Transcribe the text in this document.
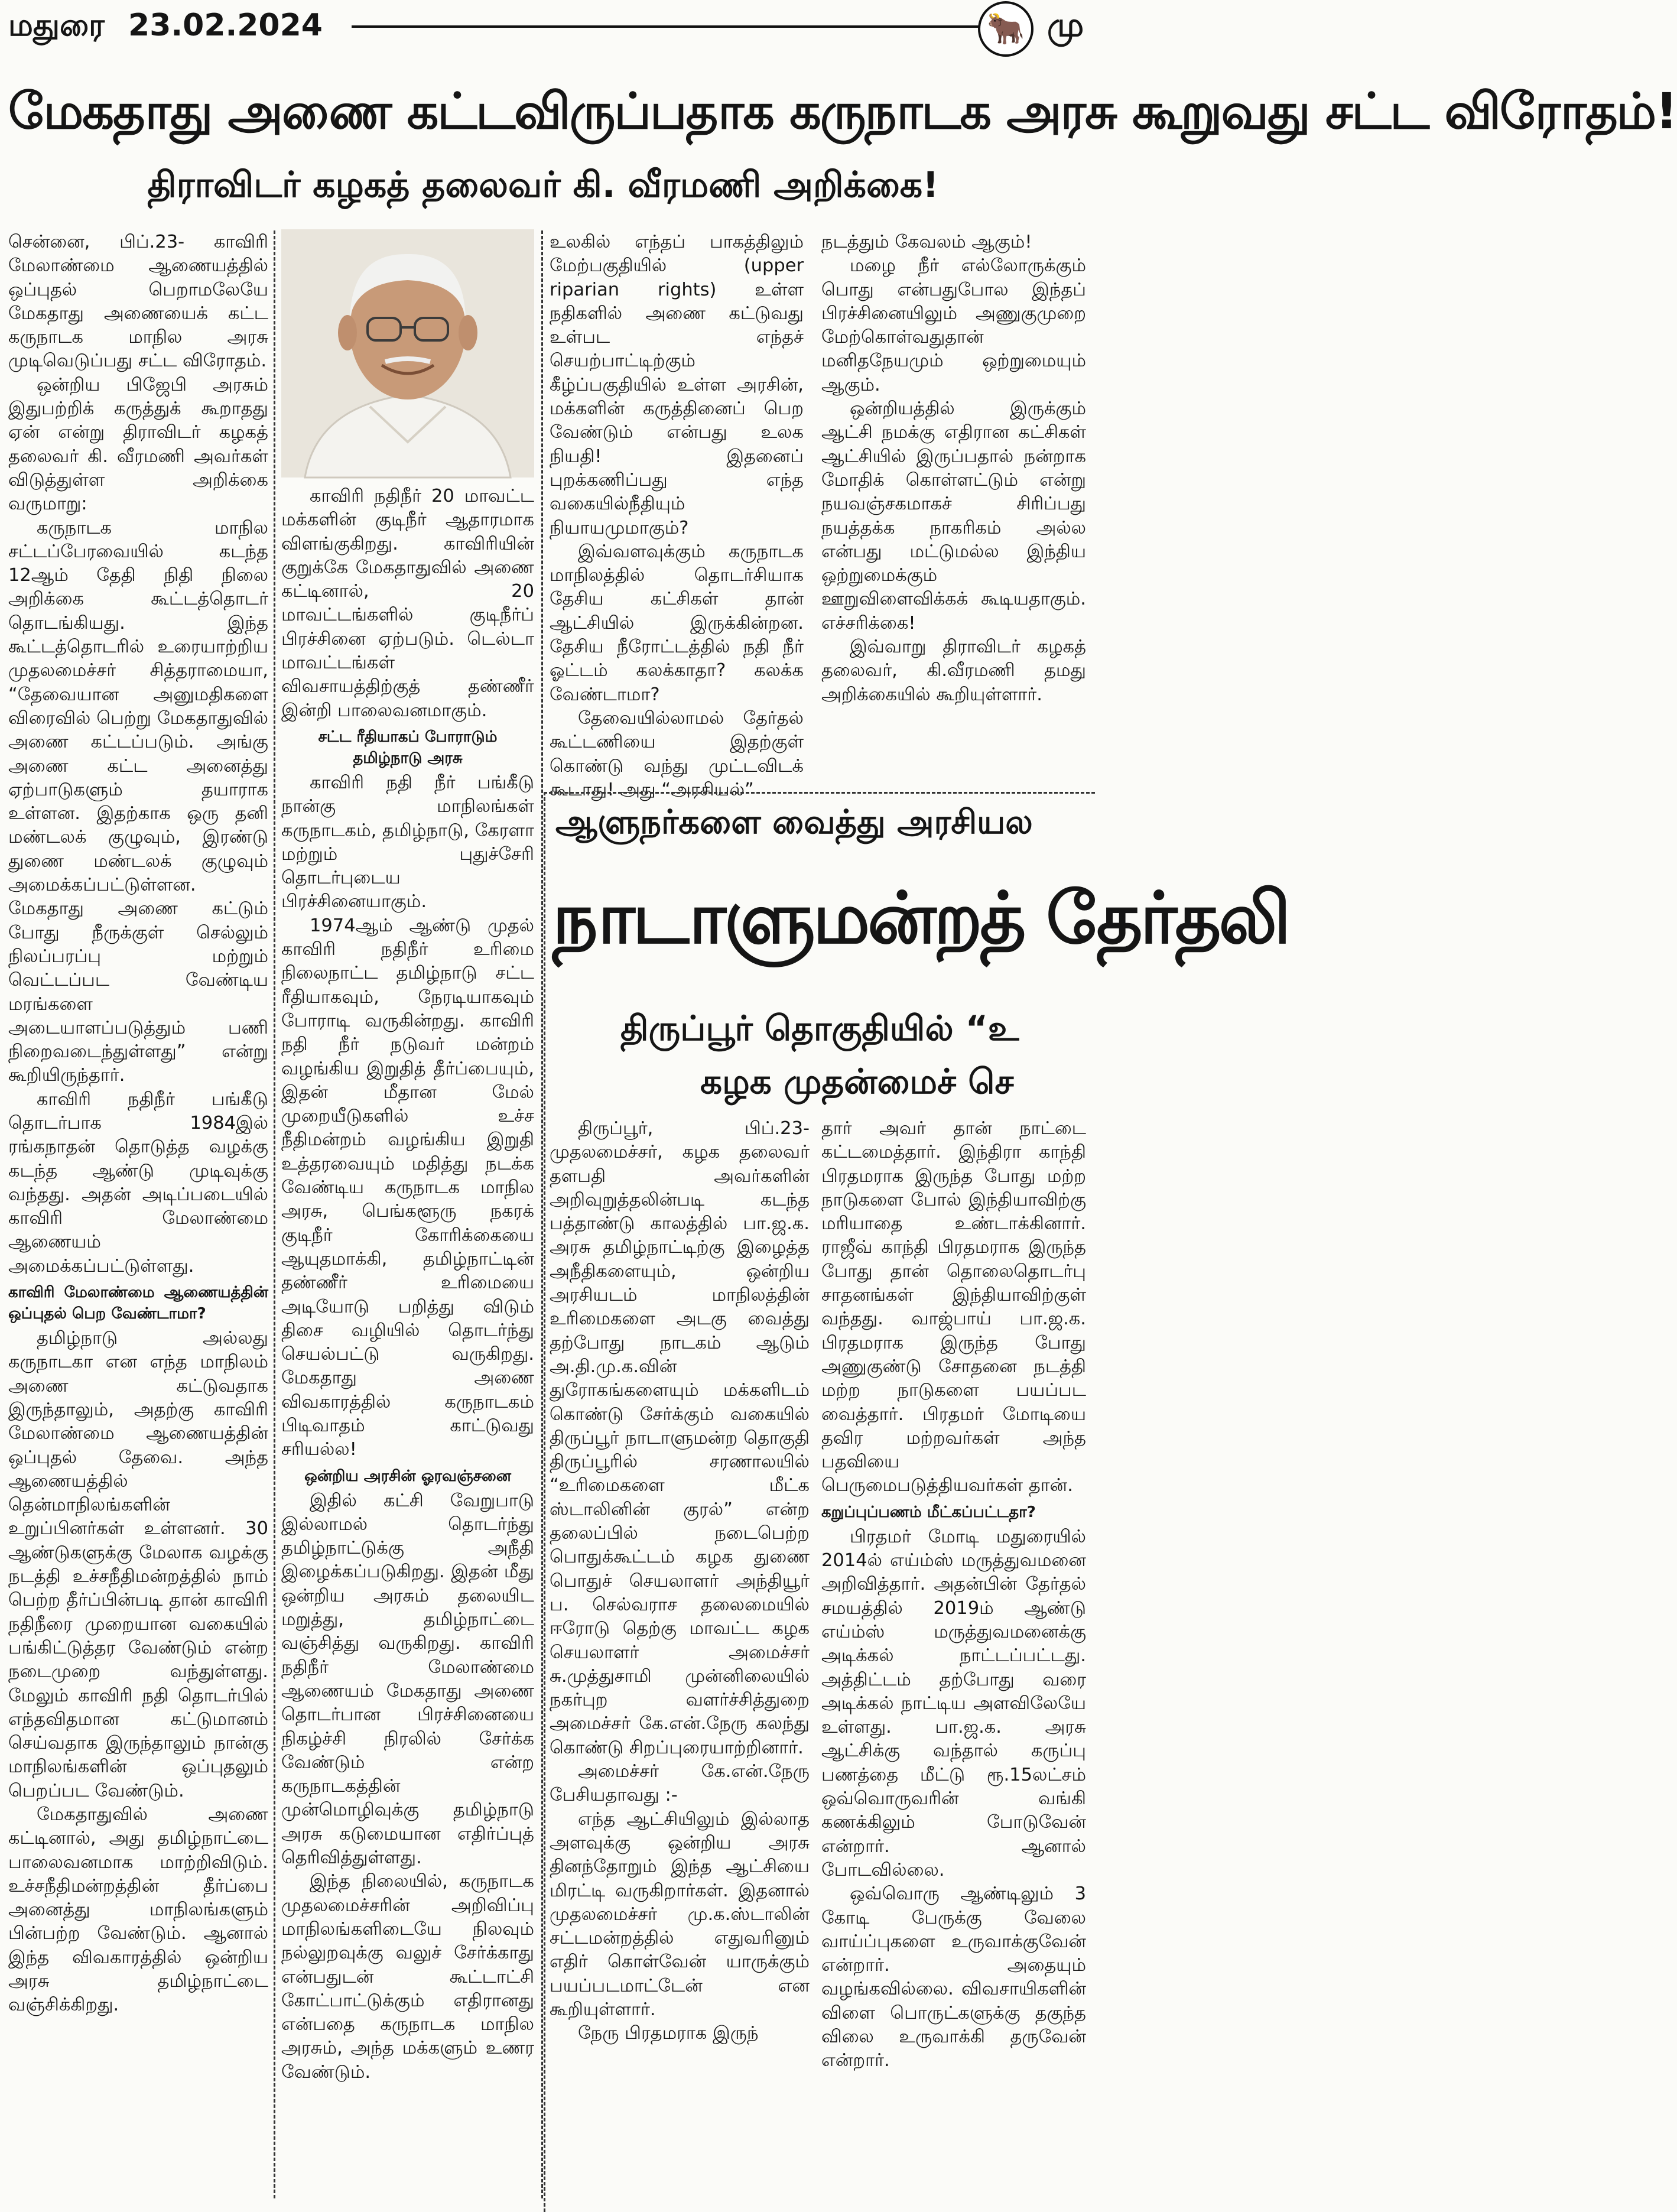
மதுரை 23.02.2024	🐂 மு
மேகதாது அணை கட்டவிருப்பதாக கருநாடக அரசு கூறுவது சட்ட விரோதம்!
திராவிடர் கழகத் தலைவர் கி. வீரமணி அறிக்கை!

சென்னை, பிப்.23- காவிரி மேலாண்மை ஆணையத்தில் ஒப்புதல் பெறாமலேயே மேகதாது அணையைக் கட்ட கருநாடக மாநில அரசு முடிவெடுப்பது சட்ட விரோதம்.

ஒன்றிய பிஜேபி அரசும் இதுபற்றிக் கருத்துக் கூறாதது ஏன் என்று திராவிடர் கழகத் தலைவர் கி. வீரமணி அவர்கள் விடுத்துள்ள அறிக்கை வருமாறு:

கருநாடக மாநில சட்டப்பேரவையில் கடந்த 12ஆம் தேதி நிதி நிலை அறிக்கை கூட்டத்தொடர் தொடங்கியது. இந்த கூட்டத்தொடரில் உரையாற்றிய முதலமைச்சர் சித்தராமையா, “தேவையான அனுமதிகளை விரைவில் பெற்று மேகதாதுவில் அணை கட்டப்படும். அங்கு அணை கட்ட அனைத்து ஏற்பாடுகளும் தயாராக உள்ளன. இதற்காக ஒரு தனி மண்டலக் குழுவும், இரண்டு துணை மண்டலக் குழுவும் அமைக்கப்பட்டுள்ளன. மேகதாது அணை கட்டும் போது நீருக்குள் செல்லும் நிலப்பரப்பு மற்றும் வெட்டப்பட வேண்டிய மரங்களை அடையாளப்படுத்தும் பணி நிறைவடைந்துள்ளது” என்று கூறியிருந்தார்.

காவிரி நதிநீர் பங்கீடு தொடர்பாக 1984இல் ரங்கநாதன் தொடுத்த வழக்கு கடந்த ஆண்டு முடிவுக்கு வந்தது. அதன் அடிப்படையில் காவிரி மேலாண்மை ஆணையம் அமைக்கப்பட்டுள்ளது.

காவிரி மேலாண்மை ஆணையத்தின் ஒப்புதல் பெற வேண்டாமா?

தமிழ்நாடு அல்லது கருநாடகா என எந்த மாநிலம் அணை கட்டுவதாக இருந்தாலும், அதற்கு காவிரி மேலாண்மை ஆணையத்தின் ஒப்புதல் தேவை. அந்த ஆணையத்தில் தென்மாநிலங்களின் உறுப்பினர்கள் உள்ளனர். 30 ஆண்டுகளுக்கு மேலாக வழக்கு நடத்தி உச்சநீதிமன்றத்தில் நாம் பெற்ற தீர்ப்பின்படி தான் காவிரி நதிநீரை முறையான வகையில் பங்கிட்டுத்தர வேண்டும் என்ற நடைமுறை வந்துள்ளது. மேலும் காவிரி நதி தொடர்பில் எந்தவிதமான கட்டுமானம் செய்வதாக இருந்தாலும் நான்கு மாநிலங்களின் ஒப்புதலும் பெறப்பட வேண்டும்.

மேகதாதுவில் அணை கட்டினால், அது தமிழ்நாட்டை பாலைவனமாக மாற்றிவிடும். உச்சநீதிமன்றத்தின் தீர்ப்பை அனைத்து மாநிலங்களும் பின்பற்ற வேண்டும். ஆனால் இந்த விவகாரத்தில் ஒன்றிய அரசு தமிழ்நாட்டை வஞ்சிக்கிறது.

காவிரி நதிநீர் 20 மாவட்ட மக்களின் குடிநீர் ஆதாரமாக விளங்குகிறது. காவிரியின் குறுக்கே மேகதாதுவில் அணை கட்டினால், 20 மாவட்டங்களில் குடிநீர்ப் பிரச்சினை ஏற்படும். டெல்டா மாவட்டங்கள் விவசாயத்திற்குத் தண்ணீர் இன்றி பாலைவனமாகும்.

சட்ட ரீதியாகப் போராடும் தமிழ்நாடு அரசு

காவிரி நதி நீர் பங்கீடு நான்கு மாநிலங்கள் கருநாடகம், தமிழ்நாடு, கேரளா மற்றும் புதுச்சேரி தொடர்புடைய பிரச்சினையாகும்.

1974ஆம் ஆண்டு முதல் காவிரி நதிநீர் உரிமை நிலைநாட்ட தமிழ்நாடு சட்ட ரீதியாகவும், நேரடியாகவும் போராடி வருகின்றது. காவிரி நதி நீர் நடுவர் மன்றம் வழங்கிய இறுதித் தீர்ப்பையும், இதன் மீதான மேல் முறையீடுகளில் உச்ச நீதிமன்றம் வழங்கிய இறுதி உத்தரவையும் மதித்து நடக்க வேண்டிய கருநாடக மாநில அரசு, பெங்களூரு நகரக் குடிநீர் கோரிக்கையை ஆயுதமாக்கி, தமிழ்நாட்டின் தண்ணீர் உரிமையை அடியோடு பறித்து விடும் திசை வழியில் தொடர்ந்து செயல்பட்டு வருகிறது. மேகதாது அணை விவகாரத்தில் கருநாடகம் பிடிவாதம் காட்டுவது சரியல்ல!

ஒன்றிய அரசின் ஓரவஞ்சனை

இதில் கட்சி வேறுபாடு இல்லாமல் தொடர்ந்து தமிழ்நாட்டுக்கு அநீதி இழைக்கப்படுகிறது. இதன் மீது ஒன்றிய அரசும் தலையிட மறுத்து, தமிழ்நாட்டை வஞ்சித்து வருகிறது. காவிரி நதிநீர் மேலாண்மை ஆணையம் மேகதாது அணை தொடர்பான பிரச்சினையை நிகழ்ச்சி நிரலில் சேர்க்க வேண்டும் என்ற கருநாடகத்தின் முன்மொழிவுக்கு தமிழ்நாடு அரசு கடுமையான எதிர்ப்புத் தெரிவித்துள்ளது.

இந்த நிலையில், கருநாடக முதலமைச்சரின் அறிவிப்பு மாநிலங்களிடையே நிலவும் நல்லுறவுக்கு வலுச் சேர்க்காது என்பதுடன் கூட்டாட்சி கோட்பாட்டுக்கும் எதிரானது என்பதை கருநாடக மாநில அரசும், அந்த மக்களும் உணர வேண்டும்.

உலகில் எந்தப் பாகத்திலும் மேற்பகுதியில் (upper riparian rights) உள்ள நதிகளில் அணை கட்டுவது உள்பட எந்தச் செயற்பாட்டிற்கும் கீழ்ப்பகுதியில் உள்ள அரசின், மக்களின் கருத்தினைப் பெற வேண்டும் என்பது உலக நியதி! இதனைப் புறக்கணிப்பது எந்த வகையில்நீதியும் நியாயமுமாகும்?

இவ்வளவுக்கும் கருநாடக மாநிலத்தில் தொடர்சியாக தேசிய கட்சிகள் தான் ஆட்சியில் இருக்கின்றன. தேசிய நீரோட்டத்தில் நதி நீர் ஓட்டம் கலக்காதா? கலக்க வேண்டாமா?

தேவையில்லாமல் தேர்தல் கூட்டணியை இதற்குள் கொண்டு வந்து முட்டவிடக் கூடாது! அது “அரசியல்”

நடத்தும் கேவலம் ஆகும்!

மழை நீர் எல்லோருக்கும் பொது என்பதுபோல இந்தப் பிரச்சினையிலும் அணுகுமுறை மேற்கொள்வதுதான் மனிதநேயமும் ஒற்றுமையும் ஆகும்.

ஒன்றியத்தில் இருக்கும் ஆட்சி நமக்கு எதிரான கட்சிகள் ஆட்சியில் இருப்பதால் நன்றாக மோதிக் கொள்ளட்டும் என்று நயவஞ்சகமாகச் சிரிப்பது நயத்தக்க நாகரிகம் அல்ல என்பது மட்டுமல்ல இந்திய ஒற்றுமைக்கும் ஊறுவிளைவிக்கக் கூடியதாகும். எச்சரிக்கை!

இவ்வாறு திராவிடர் கழகத் தலைவர், கி.வீரமணி தமது அறிக்கையில் கூறியுள்ளார்.

ஆளுநர்களை வைத்து அரசியல
நாடாளுமன்றத் தேர்தலி
திருப்பூர் தொகுதியில் “உ
கழக முதன்மைச் செ

திருப்பூர், பிப்.23- முதலமைச்சர், கழக தலைவர் தளபதி அவர்களின் அறிவுறுத்தலின்படி கடந்த பத்தாண்டு காலத்தில் பா.ஜ.க. அரசு தமிழ்நாட்டிற்கு இழைத்த அநீதிகளையும், ஒன்றிய அரசியடம் மாநிலத்தின் உரிமைகளை அடகு வைத்து தற்போது நாடகம் ஆடும் அ.தி.மு.க.வின் துரோகங்களையும் மக்களிடம் கொண்டு சேர்க்கும் வகையில் திருப்பூர் நாடாளுமன்ற தொகுதி திருப்பூரில் சரணாலயில் “உரிமைகளை மீட்க ஸ்டாலினின் குரல்” என்ற தலைப்பில் நடைபெற்ற பொதுக்கூட்டம் கழக துணை பொதுச் செயலாளர் அந்தியூர் ப. செல்வராச தலைமையில் ஈரோடு தெற்கு மாவட்ட கழக செயலாளர் அமைச்சர் சு.முத்துசாமி முன்னிலையில் நகர்புற வளர்ச்சித்துறை அமைச்சர் கே.என்.நேரு கலந்து கொண்டு சிறப்புரையாற்றினார்.

அமைச்சர் கே.என்.நேரு பேசியதாவது :-

எந்த ஆட்சியிலும் இல்லாத அளவுக்கு ஒன்றிய அரசு தினந்தோறும் இந்த ஆட்சியை மிரட்டி வருகிறார்கள். இதனால் முதலமைச்சர் மு.க.ஸ்டாலின் சட்டமன்றத்தில் எதுவரினும் எதிர் கொள்வேன் யாருக்கும் பயப்படமாட்டேன் என கூறியுள்ளார்.

நேரு பிரதமராக இருந்

தார் அவர் தான் நாட்டை கட்டமைத்தார். இந்திரா காந்தி பிரதமராக இருந்த போது மற்ற நாடுகளை போல் இந்தியாவிற்கு மரியாதை உண்டாக்கினார். ராஜீவ் காந்தி பிரதமராக இருந்த போது தான் தொலைதொடர்பு சாதனங்கள் இந்தியாவிற்குள் வந்தது. வாஜ்பாய் பா.ஜ.க. பிரதமராக இருந்த போது அணுகுண்டு சோதனை நடத்தி மற்ற நாடுகளை பயப்பட வைத்தார். பிரதமர் மோடியை தவிர மற்றவர்கள் அந்த பதவியை பெருமைபடுத்தியவர்கள் தான்.

கறுப்புப்பணம் மீட்கப்பட்டதா?

பிரதமர் மோடி மதுரையில் 2014ல் எய்ம்ஸ் மருத்துவமனை அறிவித்தார். அதன்பின் தேர்தல் சமயத்தில் 2019ம் ஆண்டு எய்ம்ஸ் மருத்துவமனைக்கு அடிக்கல் நாட்டப்பட்டது. அத்திட்டம் தற்போது வரை அடிக்கல் நாட்டிய அளவிலேயே உள்ளது. பா.ஜ.க. அரசு ஆட்சிக்கு வந்தால் கருப்பு பணத்தை மீட்டு ரூ.15லட்சம் ஒவ்வொருவரின் வங்கி கணக்கிலும் போடுவேன் என்றார். ஆனால் போடவில்லை.

ஒவ்வொரு ஆண்டிலும் 3 கோடி பேருக்கு வேலை வாய்ப்புகளை உருவாக்குவேன் என்றார். அதையும் வழங்கவில்லை. விவசாயிகளின் விளை பொருட்களுக்கு தகுந்த விலை உருவாக்கி தருவேன் என்றார்.
